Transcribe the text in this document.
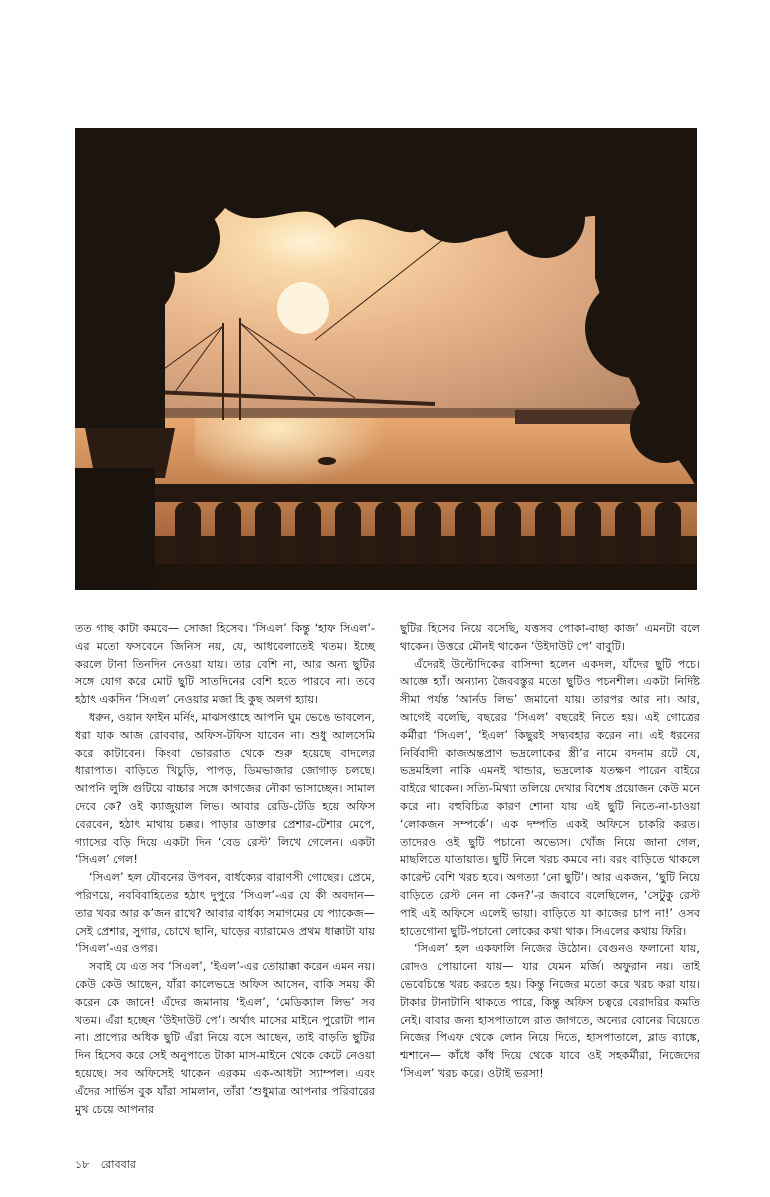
তত গাছ কাটা কমবে— সোজা হিসেব। ‘সিএল’ কিন্তু ‘হাফ সিএল’-এর মতো ফসবেনে জিনিস নয়, যে, আধবেলাতেই খতম। ইচ্ছে করলে টানা তিনদিন নেওয়া যায়। তার বেশি না, আর অন্য ছুটির সঙ্গে যোগ করে মোট ছুটি সাতদিনের বেশি হতে পারবে না। তবে হঠাৎ একদিন ‘সিএল’ নেওয়ার মজা হি কুছ অলগ হ্যায়।

ধরুন, ওয়ান ফাইন মর্নিং, মাঝসপ্তাহে আপনি ঘুম ভেঙে ভাবলেন, ধরা যাক আজ রোববার, অফিস-টফিস যাবেন না। শুধু আলসেমি করে কাটাবেন। কিংবা ভোররাত থেকে শুরু হয়েছে বাদলের ধারাপাত। বাড়িতে খিচুড়ি, পাপড়, ডিমভাজার জোগাড় চলছে। আপনি লুঙ্গি গুটিয়ে বাচ্চার সঙ্গে কাগজের নৌকা ভাসাচ্ছেন। সামাল দেবে কে? ওই ক্যাজুয়াল লিভ। আবার রেডি-টেডি হয়ে অফিস বেরবেন, হঠাৎ মাথায় চক্কর। পাড়ার ডাক্তার প্রেশার-টেশার মেপে, গ্যাসের বড়ি দিয়ে একটা দিন ‘বেড রেস্ট’ লিখে গেলেন। একটা ‘সিএল’ গেল!

‘সিএল’ হল যৌবনের উপবন, বার্ধক্যের বারাণসী গোছের। প্রেমে, পরিণয়ে, নববিবাহিতের হঠাৎ দুপুরে ‘সিএল’-এর যে কী অবদান— তার খবর আর ক’জন রাখে? আবার বার্ধক্য সমাগমের যে প্যাকেজ— সেই প্রেশার, সুগার, চোখে ছানি, ঘাড়ের ব্যারামেও প্রথম ধাক্কাটা যায় ‘সিএল’-এর ওপর।

সবাই যে এত সব ‘সিএল’, ‘ইএল’-এর তোয়াক্কা করেন এমন নয়। কেউ কেউ আছেন, যাঁরা কালেভদ্রে অফিস আসেন, বাকি সময় কী করেন কে জানে! এঁদের জমানায় ‘ইএল’, ‘মেডিক্যাল লিভ’ সব খতম। এঁরা হচ্ছেন ‘উইদাউট পে’। অর্থাৎ মাসের মাইনে পুরোটা পান না। প্রাপ্যের অধিক ছুটি এঁরা নিয়ে বসে আছেন, তাই বাড়তি ছুটির দিন হিসেব করে সেই অনুপাতে টাকা মাস-মাইনে থেকে কেটে নেওয়া হয়েছে। সব অফিসেই থাকেন এরকম এক-আধটা স্যাম্পল। এবং এঁদের সার্ভিস বুক যাঁরা সামলান, তাঁরা ‘শুধুমাত্র আপনার পরিবারের মুখ চেয়ে আপনার

ছুটির হিসেব নিয়ে বসেছি, যত্তসব পোকা-বাছা কাজ’ এমনটা বলে থাকেন। উত্তরে মৌনই থাকেন ‘উইদাউট পে’ বাবুটি।

এঁদেরই উল্টোদিকের বাসিন্দা হলেন একদল, যাঁদের ছুটি পচে। আজ্ঞে হ্যাঁ। অন্যান্য জৈববস্তুর মতো ছুটিও পচনশীল। একটা নির্দিষ্ট সীমা পর্যন্ত ‘আর্নড লিভ’ জমানো যায়। তারপর আর না। আর, আগেই বলেছি, বছরের ‘সিএল’ বছরেই নিতে হয়। এই গোত্রের কর্মীরা ‘সিএল’, ‘ইএল’ কিছুরই সদ্ব্যবহার করেন না। এই ধরনের নির্বিবাদী কাজঅন্তপ্রাণ ভদ্রলোকের স্ত্রী’র নামে বদনাম রটে যে, ভদ্রমহিলা নাকি এমনই খান্ডার, ভদ্রলোক যতক্ষণ পারেন বাইরে বাইরে থাকেন। সত্যি-মিথ্যা তলিয়ে দেখার বিশেষ প্রয়োজন কেউ মনে করে না। বহুবিচিত্র কারণ শোনা যায় এই ছুটি নিতে-না-চাওয়া ‘লোকজন সম্পর্কে’। এক দম্পতি একই অফিসে চাকরি করত। তাদেরও ওই ছুটি পচানো অভ্যেস। খোঁজ নিয়ে জানা গেল, মাছলিতে যাতায়াত। ছুটি নিলে খরচ কমবে না। বরং বাড়িতে থাকলে কারেন্ট বেশি খরচ হবে। অগত্যা ‘নো ছুটি’। আর একজন, ‘ছুটি নিয়ে বাড়িতে রেস্ট নেন না কেন?’-র জবাবে বলেছিলেন, ‘সেটুকু রেস্ট পাই এই অফিসে এলেই ভায়া। বাড়িতে যা কাজের চাপ না!’ ওসব হাতেগোনা ছুটি-পচানো লোকের কথা থাক। সিএলের কথায় ফিরি।

‘সিএল’ হল একফালি নিজের উঠোন। বেগুনও ফলানো যায়, রোদও পোয়ানো যায়— যার যেমন মর্জি। অফুরান নয়। তাই ভেবেচিন্তে খরচ করতে হয়। কিন্তু নিজের মতো করে খরচ করা যায়। টাকার টানাটানি থাকতে পারে, কিন্তু অফিস চত্বরে বেরাদরির কমতি নেই। বাবার জন্য হাসপাতালে রাত জাগতে, অন্যের বোনের বিয়েতে নিজের পিএফ থেকে লোন নিয়ে দিতে, হাসপাতালে, ব্লাড ব্যাঙ্কে, শ্মশানে— কাঁধে কাঁধ দিয়ে থেকে যাবে ওই সহকর্মীরা, নিজেদের ‘সিএল’ খরচ করে। ওটাই ভরসা!

১৮ রোববার
